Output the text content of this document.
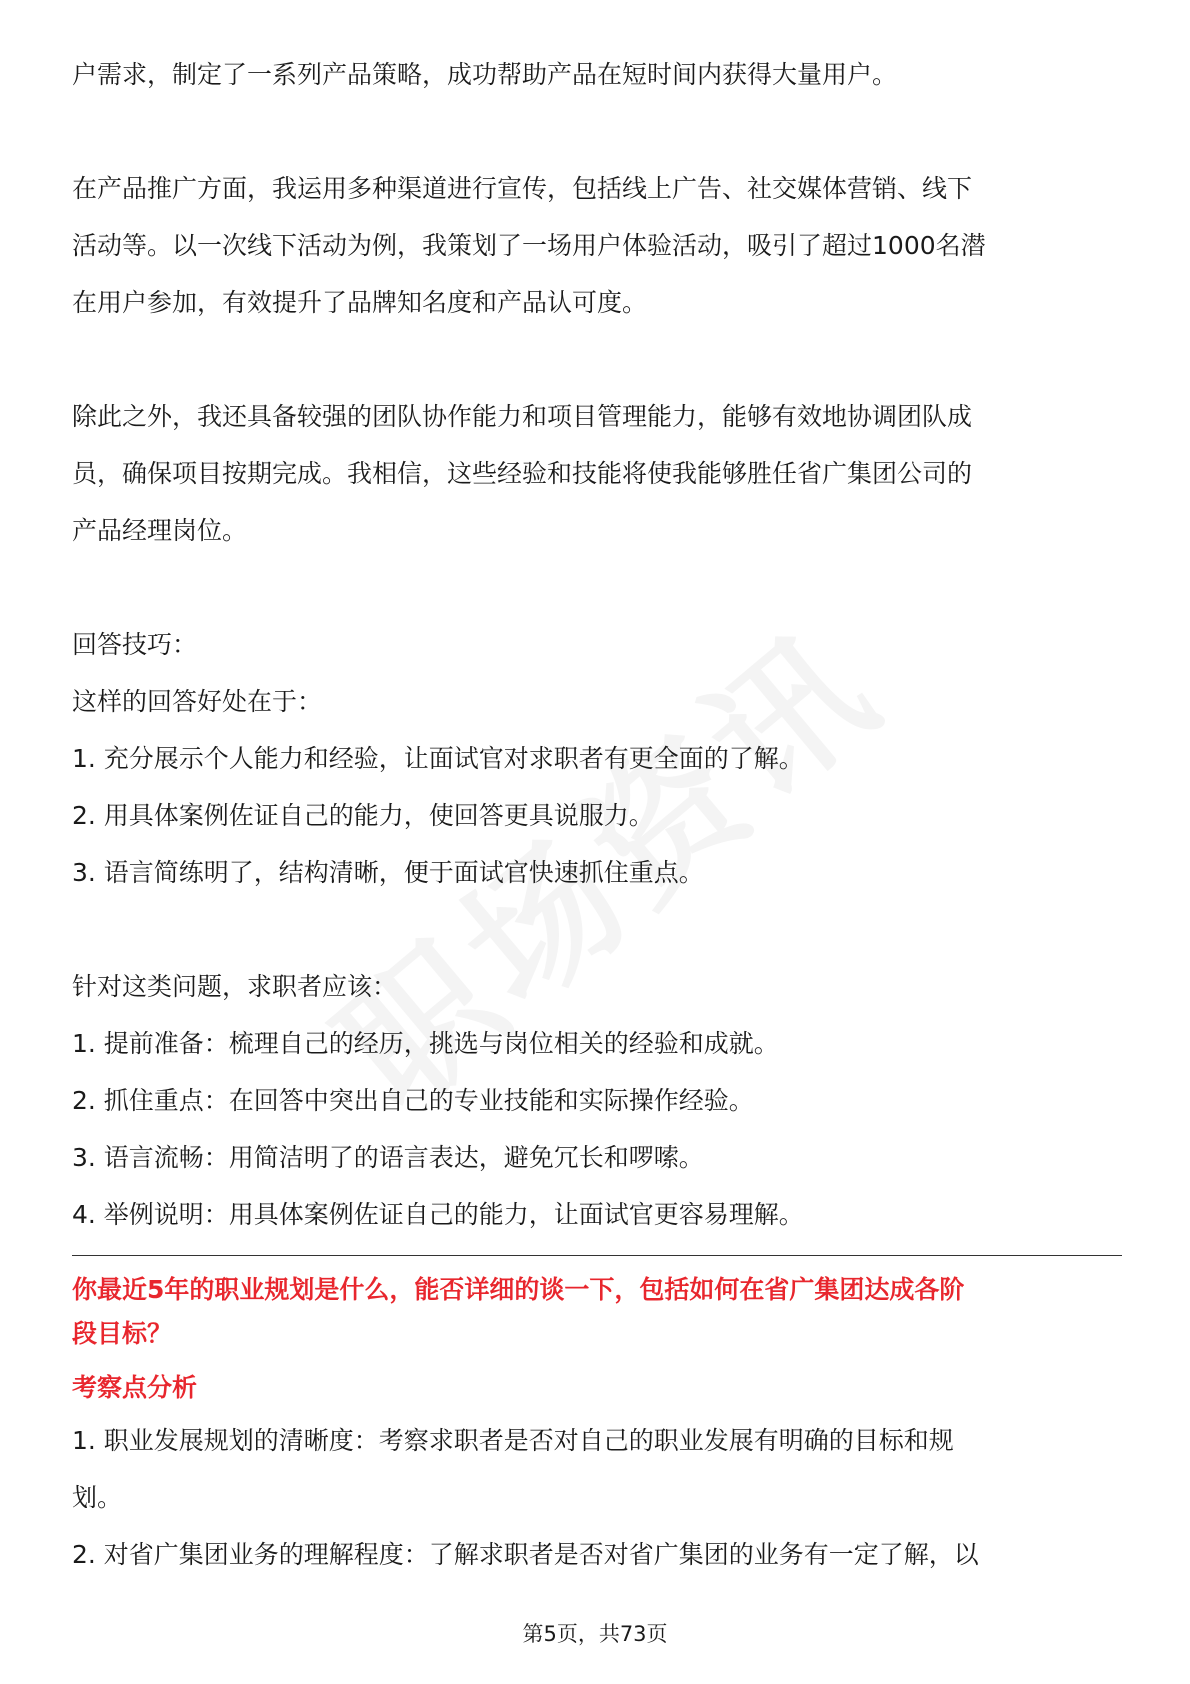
户需求，制定了一系列产品策略，成功帮助产品在短时间内获得大量用户。

在产品推广方面，我运用多种渠道进行宣传，包括线上广告、社交媒体营销、线下

活动等。以一次线下活动为例，我策划了一场用户体验活动，吸引了超过1000名潜

在用户参加，有效提升了品牌知名度和产品认可度。

除此之外，我还具备较强的团队协作能力和项目管理能力，能够有效地协调团队成

员，确保项目按期完成。我相信，这些经验和技能将使我能够胜任省广集团公司的

产品经理岗位。

回答技巧：

这样的回答好处在于：

1. 充分展示个人能力和经验，让面试官对求职者有更全面的了解。

2. 用具体案例佐证自己的能力，使回答更具说服力。

3. 语言简练明了，结构清晰，便于面试官快速抓住重点。

针对这类问题，求职者应该：

1. 提前准备：梳理自己的经历，挑选与岗位相关的经验和成就。

2. 抓住重点：在回答中突出自己的专业技能和实际操作经验。

3. 语言流畅：用简洁明了的语言表达，避免冗长和啰嗦。

4. 举例说明：用具体案例佐证自己的能力，让面试官更容易理解。

你最近5年的职业规划是什么，能否详细的谈一下，包括如何在省广集团达成各阶

段目标？

考察点分析

1. 职业发展规划的清晰度：考察求职者是否对自己的职业发展有明确的目标和规

划。

2. 对省广集团业务的理解程度：了解求职者是否对省广集团的业务有一定了解，以

第5页，共73页
